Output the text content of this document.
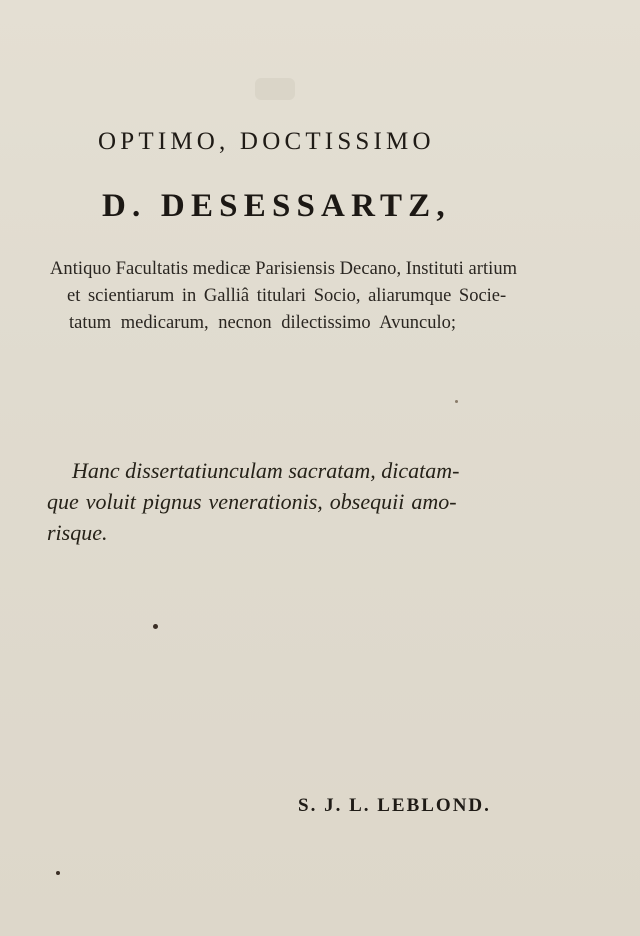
OPTIMO, DOCTISSIMO
D. DESESSARTZ,
Antiquo Facultatis medicæ Parisiensis Decano, Instituti artium
et scientiarum in Galliâ titulari Socio, aliarumque Socie-
tatum medicarum, necnon dilectissimo Avunculo;
Hanc dissertatiunculam sacratam, dicatam-
que voluit pignus venerationis, obsequii amo-
risque.
S. J. L. LEBLOND.
